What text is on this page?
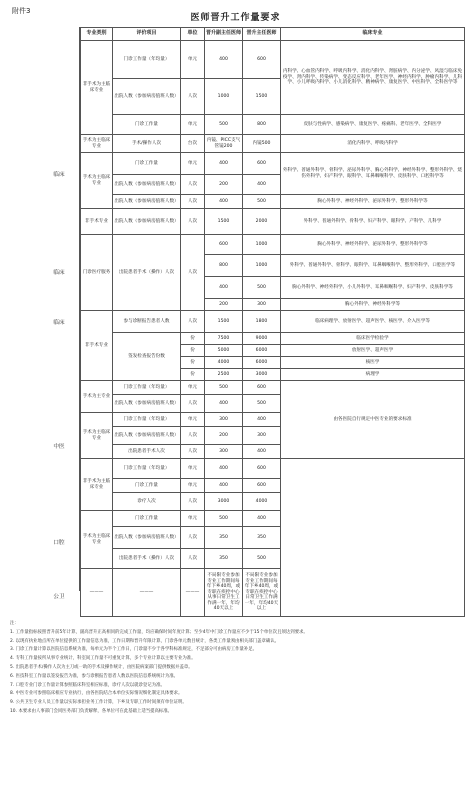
附件3
医师晋升工作量要求
临床
临床
临床
中医
口腔
公卫
专业类别	评价项目	单位	晋升副主任医师	晋升主任医师	临床专业	
非手术为主临床专业	门诊工作量（年均量）	单元	400	600	内科学、心血管内科学、呼吸内科学、消化内科学、肾脏病学、内分泌学、风湿与临床免疫学、肾内科学、传染病学、变态反应科学、老年医学、神经内科学、肿瘤内科学、儿科学、小儿呼吸内科学、小儿消化科学、精神病学、康复医学、中医科学、全科医学等	
	出院人数（参加病房值班人数）	人次	1000	1500		
	门诊工作量	单元	500	800	皮肤与性病学、感染病学、康复医学、疼痛科、老年医学、全科医学	
手术为主临床专业	手术/操作人次	台次	内镜、PICC支气管镜200	内镜500	消化内科学、呼吸内科学	
手术为主临床专业	门诊工作量	单元	400	600	外科学、普通外科学、骨科学、泌尿外科学、胸心外科学、神经外科学、整形外科学、烧伤外科学、妇产科学、眼科学、耳鼻咽喉科学、皮肤科学、口腔科学等	
	出院人数（参加病房值班人数）	人次	200	400		
	出院人数（参加病房值班人数）	人次	400	500	胸心外科学、神经外科学、泌尿外科学、整形外科学等	
非手术专业	出院人数（参加病房值班人数）	人次	1500	2000	外科学、普通外科学、骨科学、妇产科学、眼科学、产科学、儿科学	
门诊医疗服务	出院患者手术（操作）人次	人次	600	1000	胸心外科学、神经外科学、泌尿外科学、整形外科学等	
			800	1000	外科学、普通外科学、骨科学、眼科学、耳鼻咽喉科学、整形外科学、口腔医学等	
			400	500	胸心外科学、神经外科学、小儿外科学、耳鼻咽喉科学、妇产科学、皮肤科学等	
			200	300	胸心外科学、神经外科学等	
非手术专业	参与诊断报告患者人数	人次	1500	1800	临床病理学、放射医学、超声医学、核医学、介入医学等	
	签发检查报告份数	份	7500	9000	临床医学检验学	
		份	5000	6000	放射医学、超声医学	
		份	4000	6000	核医学	
		份	2500	3000	病理学	
手术为主专业	门诊工作量（年均量）	单元	500	600	由各医院自行规定中医专业的要求标准	
	出院人数（参加病房值班人数）	人次	400	500		
手术为主临床专业	门诊工作量（年均量）	单元	300	400		
	出院人数（参加病房值班人数）	人次	200	300		
	出院患者手术人次	人次	300	400		
非手术为主临床专业	门诊工作量（年均量）	单元	400	600		
	门诊工作量	单元	400	600		
	诊疗人次	人次	3000	4000		
手术为主临床专业	门诊工作量	单元	500	400		
	出院人数（参加病房值班人数）	人次	350	350		
	出院患者手术（操作）人次	人次	350	500		
———	———	———	不局限专业参加专业工作期间每年下乡40周，或专职在疾控中心从事日常卫生工作满一年，年均40天以上	不局限专业参加专业工作期间每年下乡40周，或专职在疾控中心日常卫生工作满一年，年均40天以上		

注：

1. 工作量指标按照晋升前5年计算，副高晋升正高相同的完成工作量，均应确保时间年度计算；至少4年中门诊工作量应不少于15个单位次且须达到要求。

2. 以现有执业地点所在单位提供的工作量信息为准，工作日期和晋升年限计算，门诊各单元数目统计，各类工作量须由相关部门盖章确认。

3. 门诊工作量计算以医院信息系统为准，每单元为半个工作日，门诊量不少于各学科标准规定，不足部分可由病房工作量补足。

4. 专科工作量按所从事专业统计，科室间工作量不可重复计算，多个专业计算以主要专业为准。

5. 出院患者手术/操作人次为主刀或一助的手术及操作统计，由医院病案部门提供数据并盖章。

6. 医技科室工作量以签发报告为准，参与诊断报告患者人数以医院信息系统统计为准。

7. 口腔专业门诊工作量计算参照临床科室相应标准，诊疗人次以就诊登记为准。

8. 中医专业可参照临床相应专业执行，由各医院结合本单位实际情况细化制定具体要求。

9. 公共卫生专业人员工作量以实际承担业务工作计算，下乡及专职工作时间须有单位证明。

10. 本要求由人事部门会同医务部门负责解释，各单位可在此基础上适当提高标准。
